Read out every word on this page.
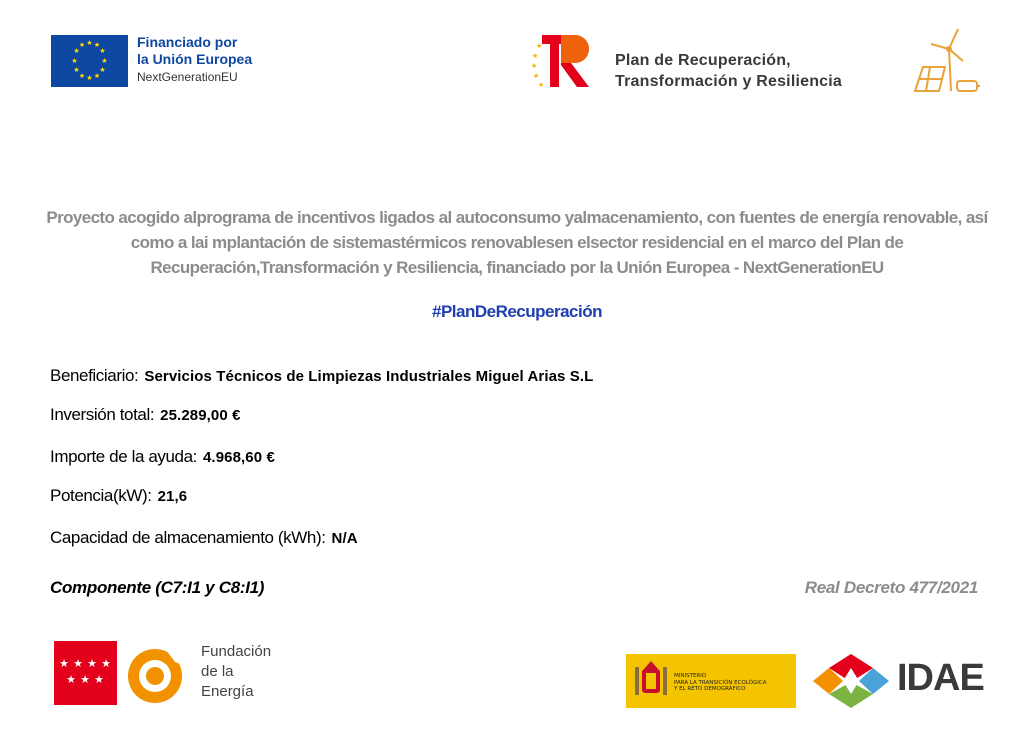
★ ★
★
★
★
★
★
★
★
★
★
★	Financiado por
la Unión Europea
NextGenerationEU
★
★
★
★
★
Plan de Recuperación,
Transformación y Resiliencia
Proyecto acogido alprograma de incentivos ligados al autoconsumo yalmacenamiento, con fuentes de energía renovable, así como a lai mplantación de sistemastérmicos renovablesen elsector residencial en el marco del Plan de Recuperación,Transformación y Resiliencia, financiado por la Unión Europea - NextGenerationEU
#PlanDeRecuperación
Beneficiario: Servicios Técnicos de Limpiezas Industriales Miguel Arias S.L
Inversión total: 25.289,00 €
Importe de la ayuda: 4.968,60 €
Potencia(kW): 21,6
Capacidad de almacenamiento (kWh): N/A
Componente (C7:I1 y C8:I1)	Real Decreto 477/2021
★ ★ ★ ★
★ ★ ★
Fundación
de la
Energía
MINISTERIO
PARA LA TRANSICIÓN ECOLÓGICA
Y EL RETO DEMOGRÁFICO	IDAE
